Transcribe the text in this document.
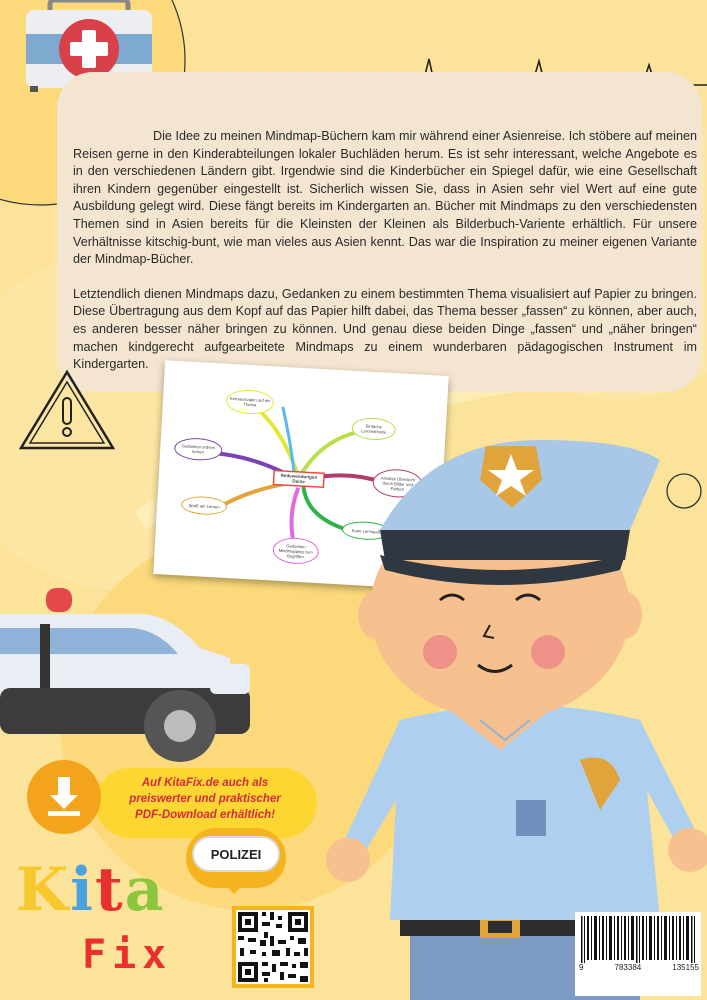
Die Idee zu meinen Mindmap-Büchern kam mir während einer Asienreise. Ich stöbere auf meinen Reisen gerne in den Kinderabteilungen lokaler Buchläden herum. Es ist sehr interessant, welche Angebote es in den verschiedenen Ländern gibt. Irgendwie sind die Kinderbücher ein Spiegel dafür, wie eine Gesellschaft ihren Kindern gegenüber eingestellt ist. Sicherlich wissen Sie, dass in Asien sehr viel Wert auf eine gute Ausbildung gelegt wird. Diese fängt bereits im Kindergarten an. Bücher mit Mindmaps zu den verschiedensten Themen sind in Asien bereits für die Kleinsten der Kleinen als Bilderbuch-Variente erhältlich. Für unsere Verhältnisse kitschig-bunt, wie man vieles aus Asien kennt. Das war die Inspiration zu meiner eigenen Variante der Mindmap-Bücher.

Letztendlich dienen Mindmaps dazu, Gedanken zu einem bestimmten Thema visualisiert auf Papier zu bringen. Diese Übertragung aus dem Kopf auf das Papier hilft dabei, das Thema besser „fassen“ zu können, aber auch, es anderen besser näher bringen zu können. Und genau diese beiden Dinge „fassen“ und „näher bringen“ machen kindgerecht aufgearbeitete Mindmaps zu einem wunderbaren pädagogischen Instrument im Kindergarten.

Redewendungen Deine
Kernaussagen auf ein Thema
Einfache Lernmethode
Ansätze Übersicht durch Bilder und Farben
Kann Lernspaß
Gedanken Mindmapping zum Begriffen
Spaß am Lernen
Gedanken ordnen lernen
Auf KitaFix.de auch als
preiswerter und praktischer
PDF-Download erhältlich!
POLIZEI
Kita
Fix	9	783384	135155
